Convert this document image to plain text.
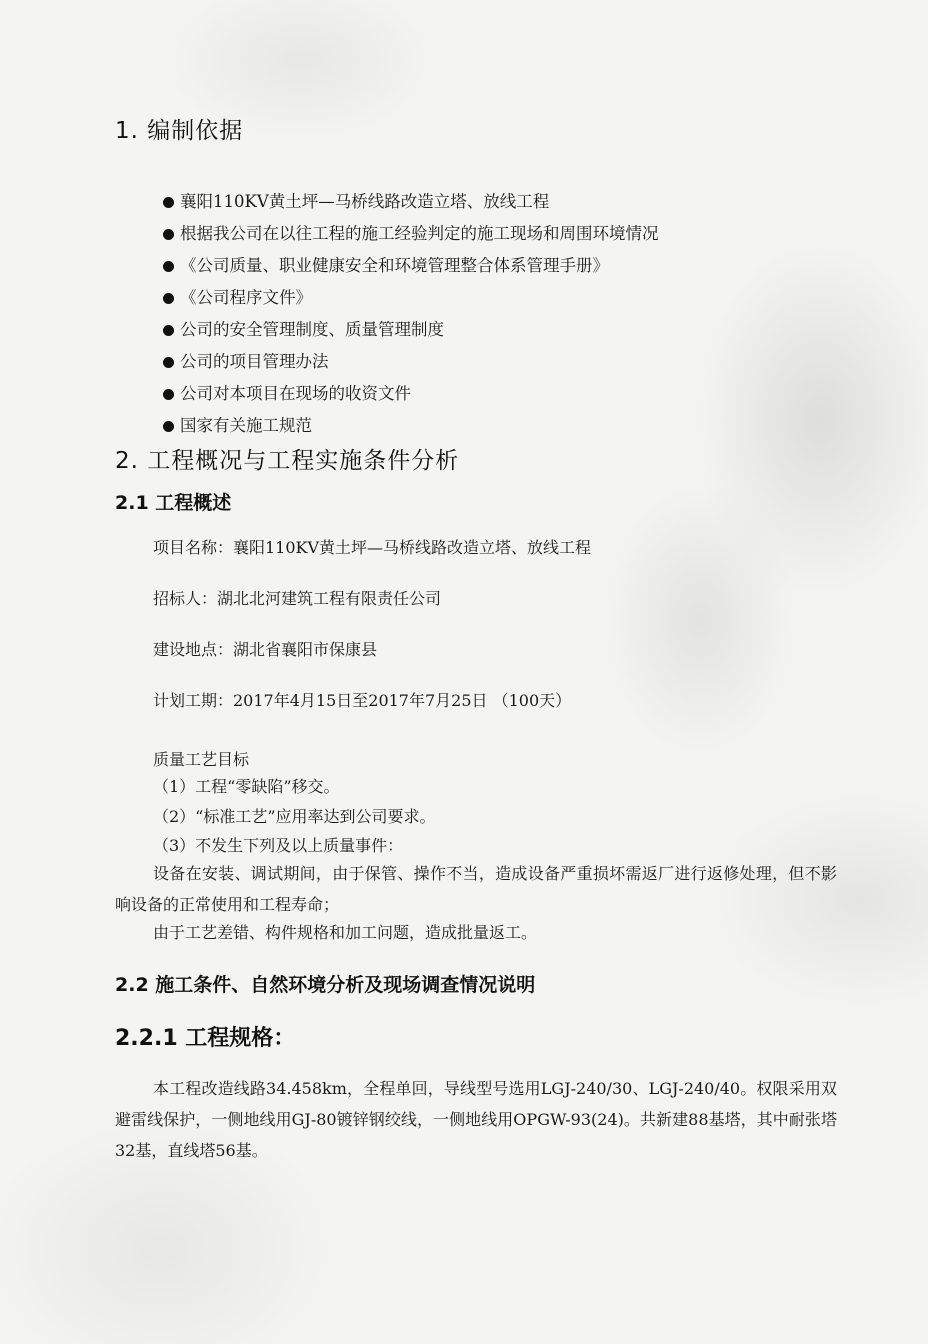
1. 编制依据
襄阳110KV黄土坪—马桥线路改造立塔、放线工程
根据我公司在以往工程的施工经验判定的施工现场和周围环境情况
《公司质量、职业健康安全和环境管理整合体系管理手册》
《公司程序文件》
公司的安全管理制度、质量管理制度
公司的项目管理办法
公司对本项目在现场的收资文件
国家有关施工规范
2. 工程概况与工程实施条件分析
2.1 工程概述
项目名称：襄阳110KV黄土坪—马桥线路改造立塔、放线工程
招标人：湖北北河建筑工程有限责任公司
建设地点：湖北省襄阳市保康县
计划工期：2017年4月15日至2017年7月25日 （100天）
质量工艺目标
（1）工程“零缺陷”移交。
（2）“标准工艺”应用率达到公司要求。
（3）不发生下列及以上质量事件：
设备在安装、调试期间，由于保管、操作不当，造成设备严重损坏需返厂进行返修处理，但不影响设备的正常使用和工程寿命；
由于工艺差错、构件规格和加工问题，造成批量返工。
2.2 施工条件、自然环境分析及现场调查情况说明
2.2.1 工程规格：
本工程改造线路34.458km，全程单回，导线型号选用LGJ-240/30、LGJ-240/40。权限采用双避雷线保护，一侧地线用GJ-80镀锌钢绞线，一侧地线用OPGW-93(24)。共新建88基塔，其中耐张塔32基，直线塔56基。
